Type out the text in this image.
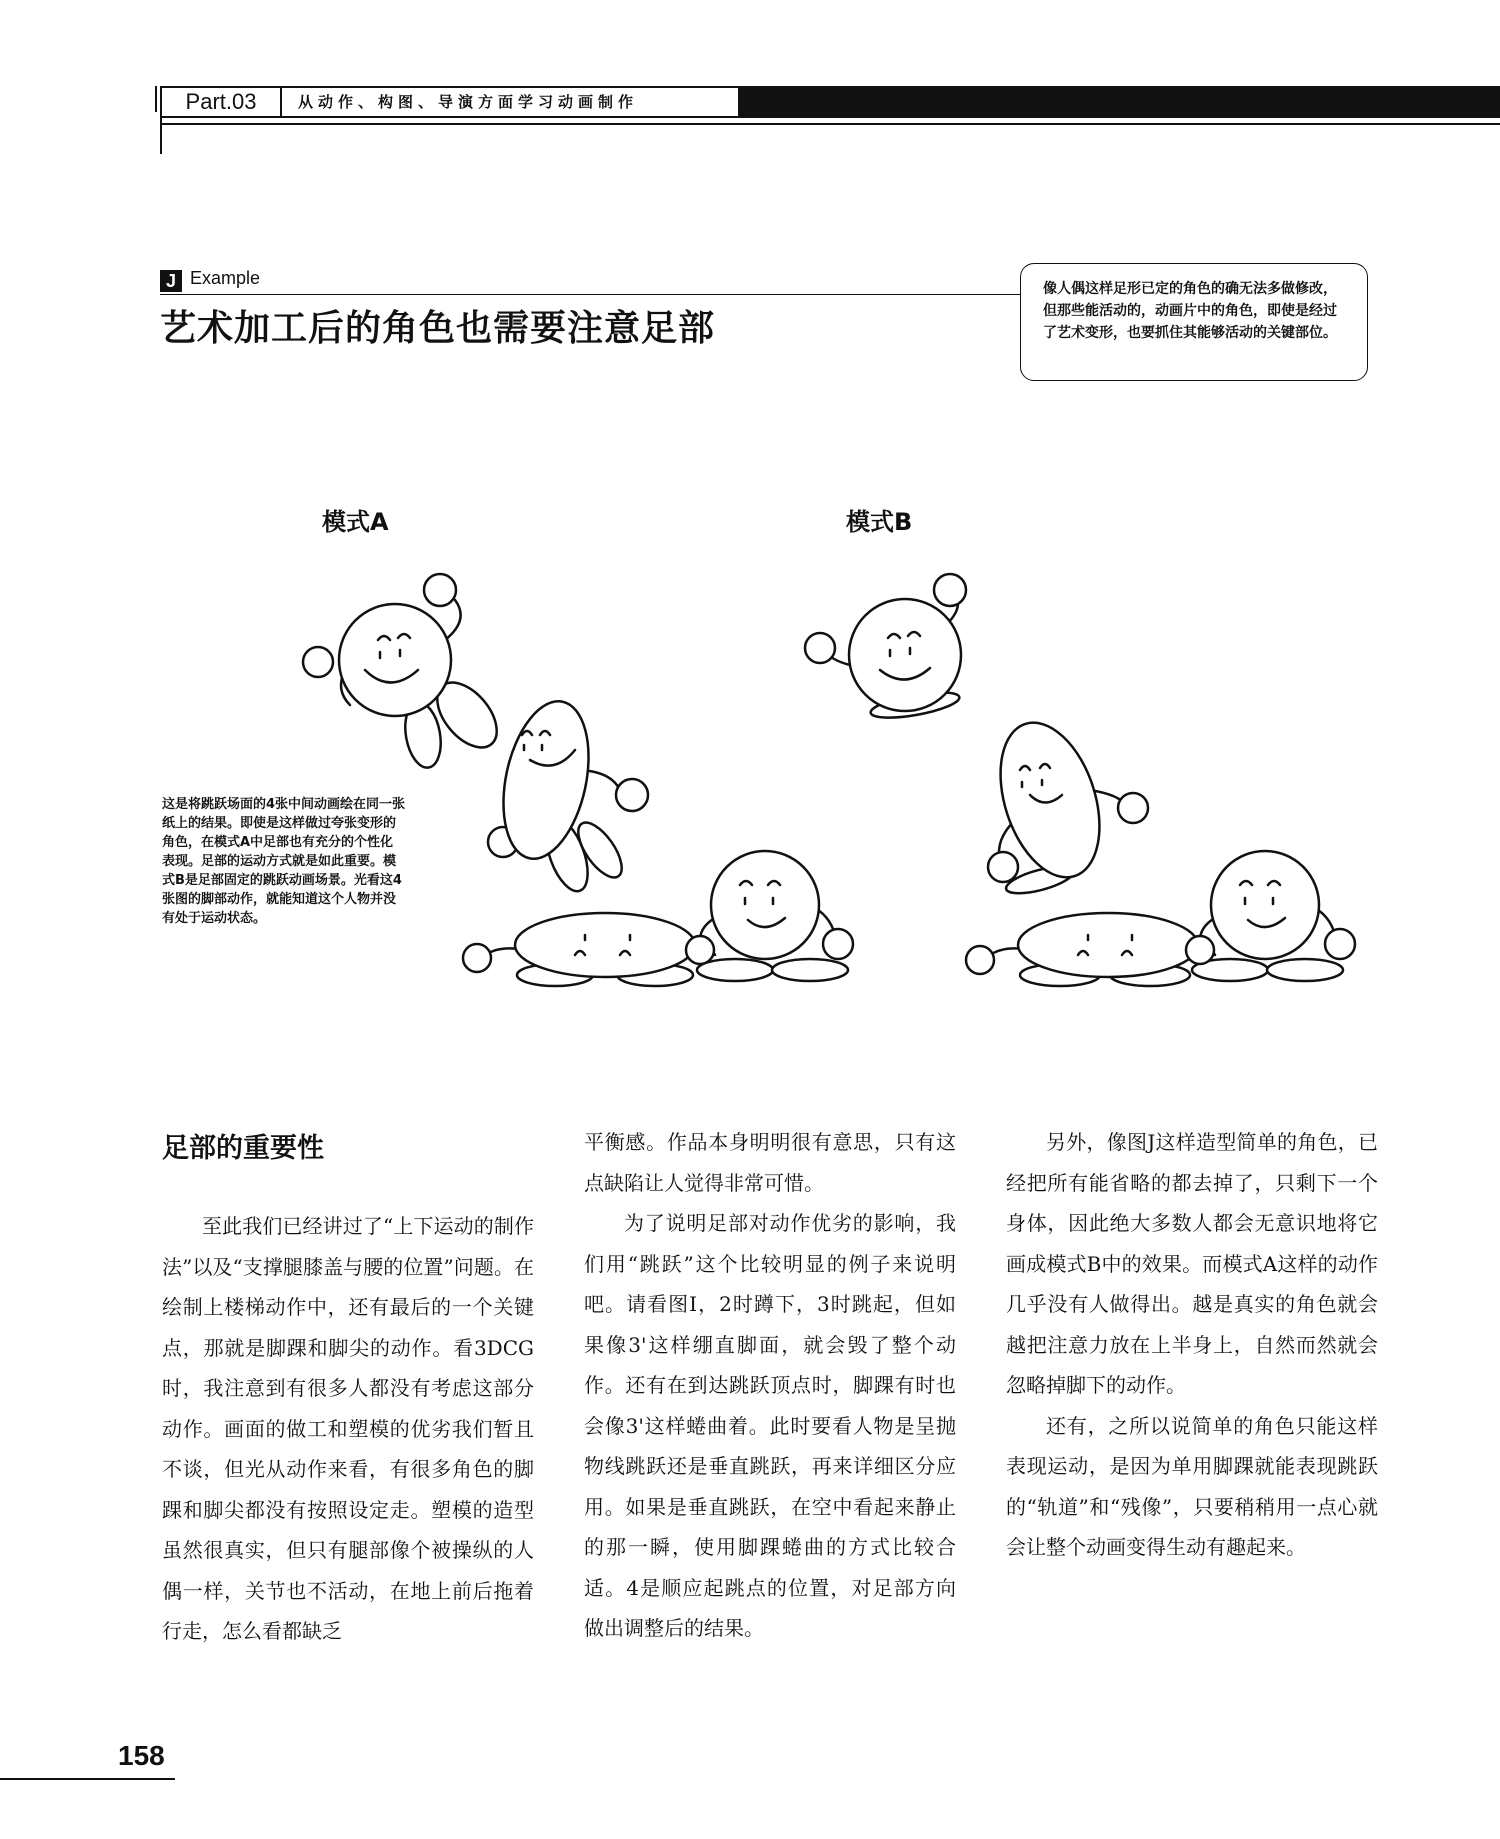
Part.03	从动作、构图、导演方面学习动画制作
J Example
艺术加工后的角色也需要注意足部
像人偶这样足形已定的角色的确无法多做修改，但那些能活动的，动画片中的角色，即使是经过了艺术变形，也要抓住其能够活动的关键部位。
模式A	模式B
这是将跳跃场面的4张中间动画绘在同一张纸上的结果。即使是这样做过夸张变形的角色，在模式A中足部也有充分的个性化表现。足部的运动方式就是如此重要。模式B是足部固定的跳跃动画场景。光看这4张图的脚部动作，就能知道这个人物并没有处于运动状态。
足部的重要性

至此我们已经讲过了“上下运动的制作法”以及“支撑腿膝盖与腰的位置”问题。在绘制上楼梯动作中，还有最后的一个关键点，那就是脚踝和脚尖的动作。看3DCG时，我注意到有很多人都没有考虑这部分动作。画面的做工和塑模的优劣我们暂且不谈，但光从动作来看，有很多角色的脚踝和脚尖都没有按照设定走。塑模的造型虽然很真实，但只有腿部像个被操纵的人偶一样，关节也不活动，在地上前后拖着行走，怎么看都缺乏

平衡感。作品本身明明很有意思，只有这点缺陷让人觉得非常可惜。

为了说明足部对动作优劣的影响，我们用“跳跃”这个比较明显的例子来说明吧。请看图I，2时蹲下，3时跳起，但如果像3'这样绷直脚面，就会毁了整个动作。还有在到达跳跃顶点时，脚踝有时也会像3'这样蜷曲着。此时要看人物是呈抛物线跳跃还是垂直跳跃，再来详细区分应用。如果是垂直跳跃，在空中看起来静止的那一瞬，使用脚踝蜷曲的方式比较合适。4是顺应起跳点的位置，对足部方向做出调整后的结果。

另外，像图J这样造型简单的角色，已经把所有能省略的都去掉了，只剩下一个身体，因此绝大多数人都会无意识地将它画成模式B中的效果。而模式A这样的动作几乎没有人做得出。越是真实的角色就会越把注意力放在上半身上，自然而然就会忽略掉脚下的动作。

还有，之所以说简单的角色只能这样表现运动，是因为单用脚踝就能表现跳跃的“轨道”和“残像”，只要稍稍用一点心就会让整个动画变得生动有趣起来。

158
